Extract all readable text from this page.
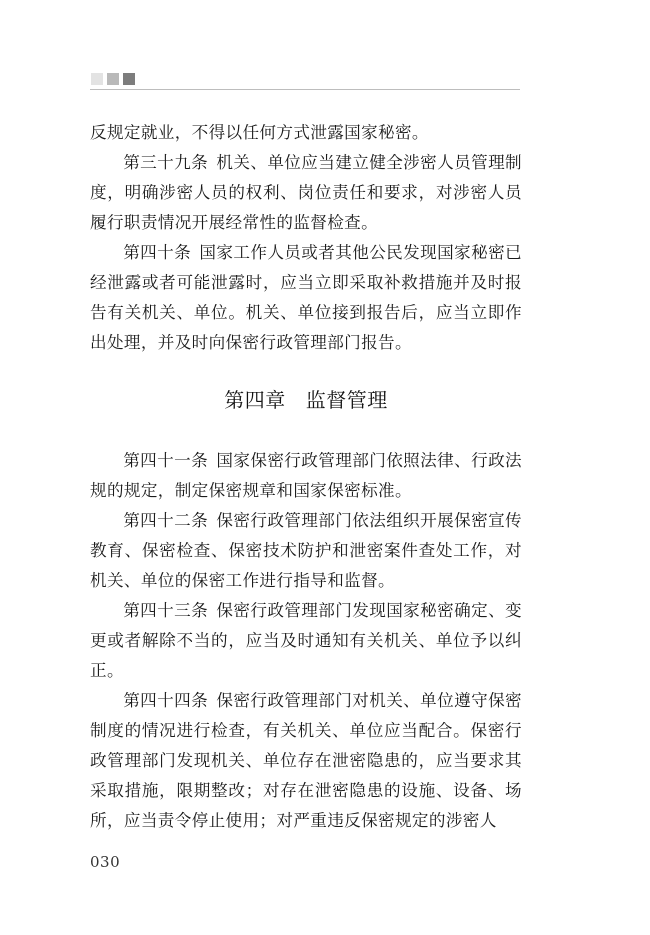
反规定就业，不得以任何方式泄露国家秘密。

第三十九条 机关、单位应当建立健全涉密人员管理制度，明确涉密人员的权利、岗位责任和要求，对涉密人员履行职责情况开展经常性的监督检查。

第四十条 国家工作人员或者其他公民发现国家秘密已经泄露或者可能泄露时，应当立即采取补救措施并及时报告有关机关、单位。机关、单位接到报告后，应当立即作出处理，并及时向保密行政管理部门报告。

第四章 监督管理

第四十一条 国家保密行政管理部门依照法律、行政法规的规定，制定保密规章和国家保密标准。

第四十二条 保密行政管理部门依法组织开展保密宣传教育、保密检查、保密技术防护和泄密案件查处工作，对机关、单位的保密工作进行指导和监督。

第四十三条 保密行政管理部门发现国家秘密确定、变更或者解除不当的，应当及时通知有关机关、单位予以纠正。

第四十四条 保密行政管理部门对机关、单位遵守保密制度的情况进行检查，有关机关、单位应当配合。保密行政管理部门发现机关、单位存在泄密隐患的，应当要求其采取措施，限期整改；对存在泄密隐患的设施、设备、场所，应当责令停止使用；对严重违反保密规定的涉密人

030
